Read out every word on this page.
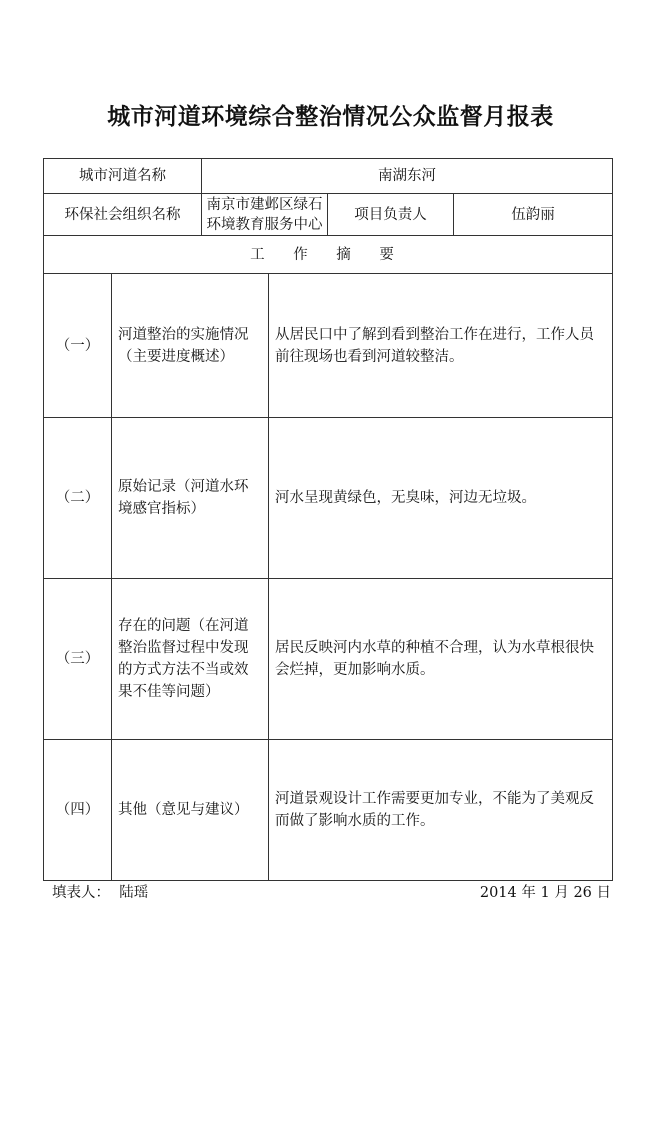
城市河道环境综合整治情况公众监督月报表
城市河道名称		南湖东河			
环保社会组织名称		南京市建邺区绿石环境教育服务中心		项目负责人	伍韵丽
工 作 摘 要					
（一）	河道整治的实施情况（主要进度概述）		从居民口中了解到看到整治工作在进行，工作人员前往现场也看到河道较整洁。		
（二）	原始记录（河道水环境感官指标）		河水呈现黄绿色，无臭味，河边无垃圾。		
（三）	存在的问题（在河道整治监督过程中发现的方式方法不当或效果不佳等问题）		居民反映河内水草的种植不合理，认为水草根很快会烂掉，更加影响水质。		
（四）	其他（意见与建议）		河道景观设计工作需要更加专业，不能为了美观反而做了影响水质的工作。		
填表人： 陆瑶	2014 年 1 月 26 日
